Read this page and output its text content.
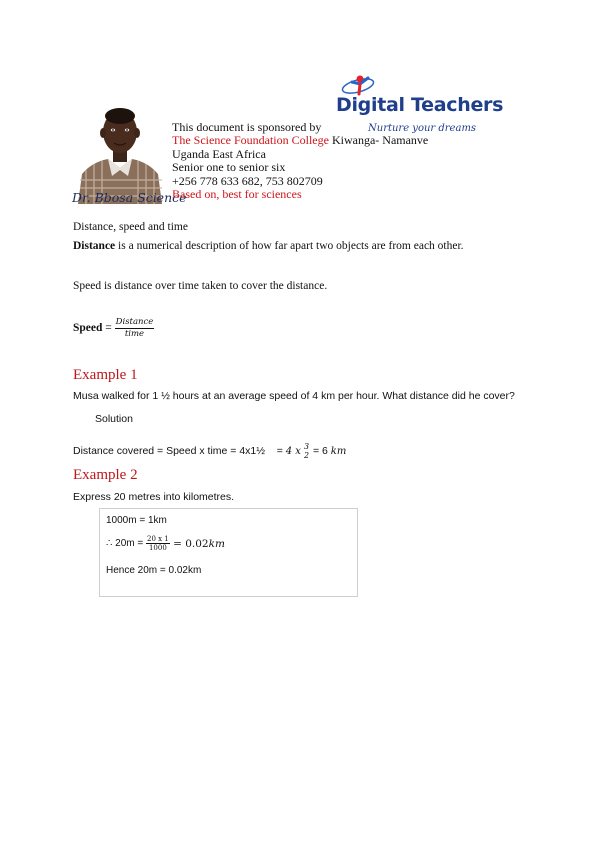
Dr. Bbosa Science
This document is sponsored by
The Science Foundation College Kiwanga- Namanve
Uganda East Africa
Senior one to senior six
+256 778 633 682, 753 802709
Based on, best for sciences
Digital Teachers
Nurture your dreams
Distance, speed and time
Distance is a numerical description of how far apart two objects are from each other.
Speed is distance over time taken to cover the distance.
Speed = $\frac{\text{Distance}}{\text{time}}$
Example 1
Musa walked for 1 ½ hours at an average speed of 4 km per hour. What distance did he cover?
Solution
Distance covered = Speed x time = 4x1½    = 4 x 3
2 = 6 km
Example 2
Express 20 metres into kilometres.
1000m = 1km
∴ $20m = \frac{20 x 1}{1000} = 0.02$ km
Hence 20m = 0.02km
